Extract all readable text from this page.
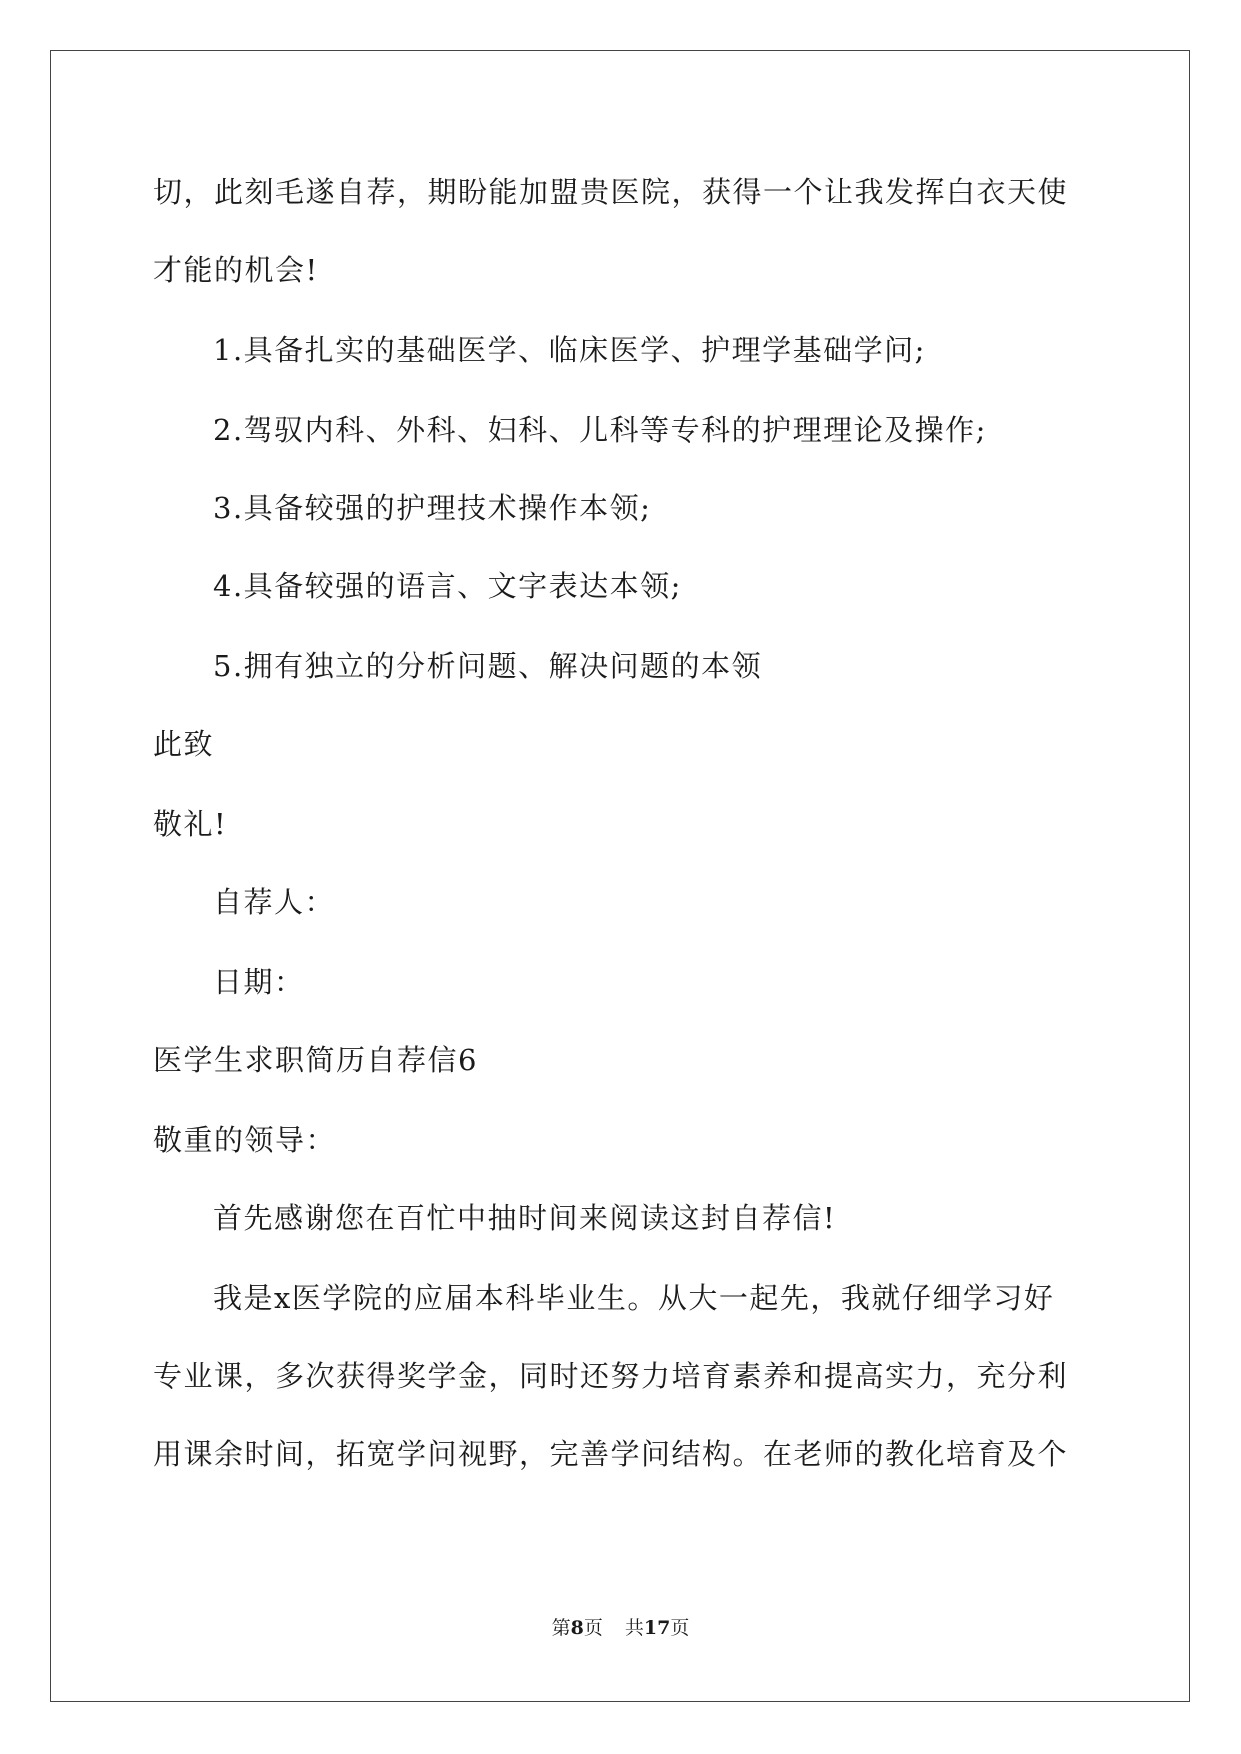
切，此刻毛遂自荐，期盼能加盟贵医院，获得一个让我发挥白衣天使
才能的机会!
1.具备扎实的基础医学、临床医学、护理学基础学问;
2.驾驭内科、外科、妇科、儿科等专科的护理理论及操作;
3.具备较强的护理技术操作本领;
4.具备较强的语言、文字表达本领;
5.拥有独立的分析问题、解决问题的本领
此致
敬礼!
自荐人：
日期：
医学生求职简历自荐信6
敬重的领导：
首先感谢您在百忙中抽时间来阅读这封自荐信!
我是x医学院的应届本科毕业生。从大一起先，我就仔细学习好
专业课，多次获得奖学金，同时还努力培育素养和提高实力，充分利
用课余时间，拓宽学问视野，完善学问结构。在老师的教化培育及个
第8页 共17页
